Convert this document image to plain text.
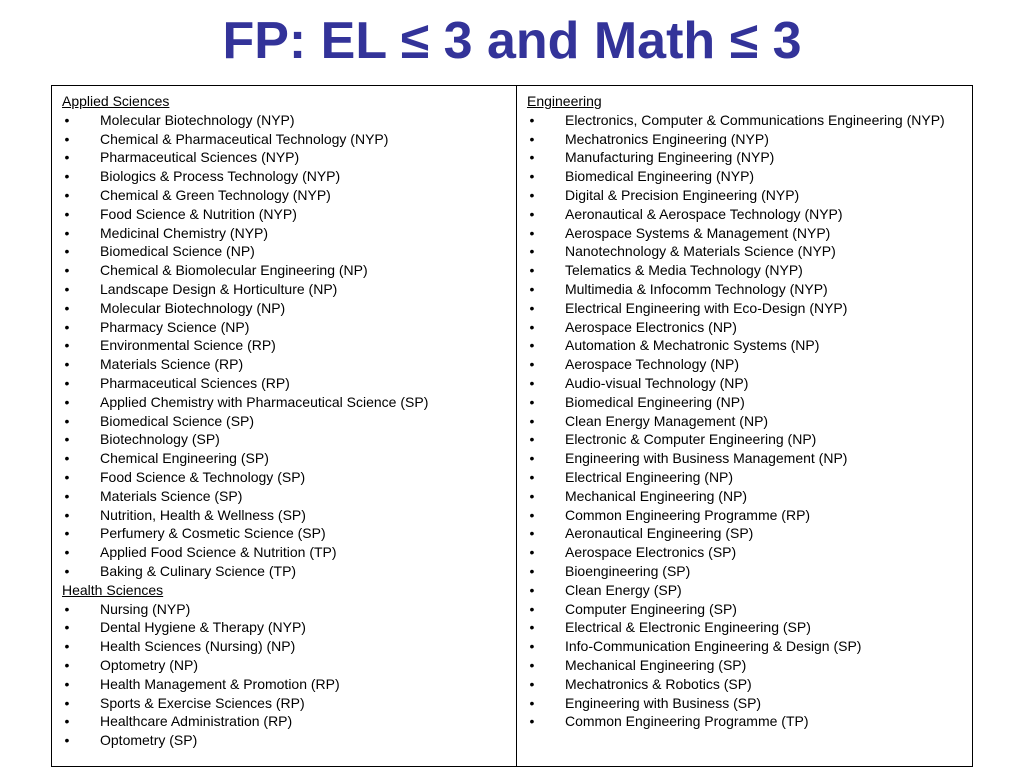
FP: EL ≤ 3 and Math ≤ 3
Applied Sciences
• Molecular Biotechnology (NYP)
• Chemical & Pharmaceutical Technology (NYP)
• Pharmaceutical Sciences (NYP)
• Biologics & Process Technology (NYP)
• Chemical & Green Technology (NYP)
• Food Science & Nutrition (NYP)
• Medicinal Chemistry (NYP)
• Biomedical Science (NP)
• Chemical & Biomolecular Engineering (NP)
• Landscape Design & Horticulture (NP)
• Molecular Biotechnology (NP)
• Pharmacy Science (NP)
• Environmental Science (RP)
• Materials Science (RP)
• Pharmaceutical Sciences (RP)
• Applied Chemistry with Pharmaceutical Science (SP)
• Biomedical Science (SP)
• Biotechnology (SP)
• Chemical Engineering (SP)
• Food Science & Technology (SP)
• Materials Science (SP)
• Nutrition, Health & Wellness (SP)
• Perfumery & Cosmetic Science (SP)
• Applied Food Science & Nutrition (TP)
• Baking & Culinary Science (TP)
Health Sciences
• Nursing (NYP)
• Dental Hygiene & Therapy (NYP)
• Health Sciences (Nursing) (NP)
• Optometry (NP)
• Health Management & Promotion (RP)
• Sports & Exercise Sciences (RP)
• Healthcare Administration (RP)
• Optometry (SP)
Engineering
• Electronics, Computer & Communications Engineering (NYP)
• Mechatronics Engineering (NYP)
• Manufacturing Engineering (NYP)
• Biomedical Engineering (NYP)
• Digital & Precision Engineering (NYP)
• Aeronautical & Aerospace Technology (NYP)
• Aerospace Systems & Management (NYP)
• Nanotechnology & Materials Science (NYP)
• Telematics & Media Technology (NYP)
• Multimedia & Infocomm Technology (NYP)
• Electrical Engineering with Eco-Design (NYP)
• Aerospace Electronics (NP)
• Automation & Mechatronic Systems (NP)
• Aerospace Technology (NP)
• Audio-visual Technology (NP)
• Biomedical Engineering (NP)
• Clean Energy Management (NP)
• Electronic & Computer Engineering (NP)
• Engineering with Business Management (NP)
• Electrical Engineering (NP)
• Mechanical Engineering (NP)
• Common Engineering Programme (RP)
• Aeronautical Engineering (SP)
• Aerospace Electronics (SP)
• Bioengineering (SP)
• Clean Energy (SP)
• Computer Engineering (SP)
• Electrical & Electronic Engineering (SP)
• Info-Communication Engineering & Design (SP)
• Mechanical Engineering (SP)
• Mechatronics & Robotics (SP)
• Engineering with Business (SP)
• Common Engineering Programme (TP)
